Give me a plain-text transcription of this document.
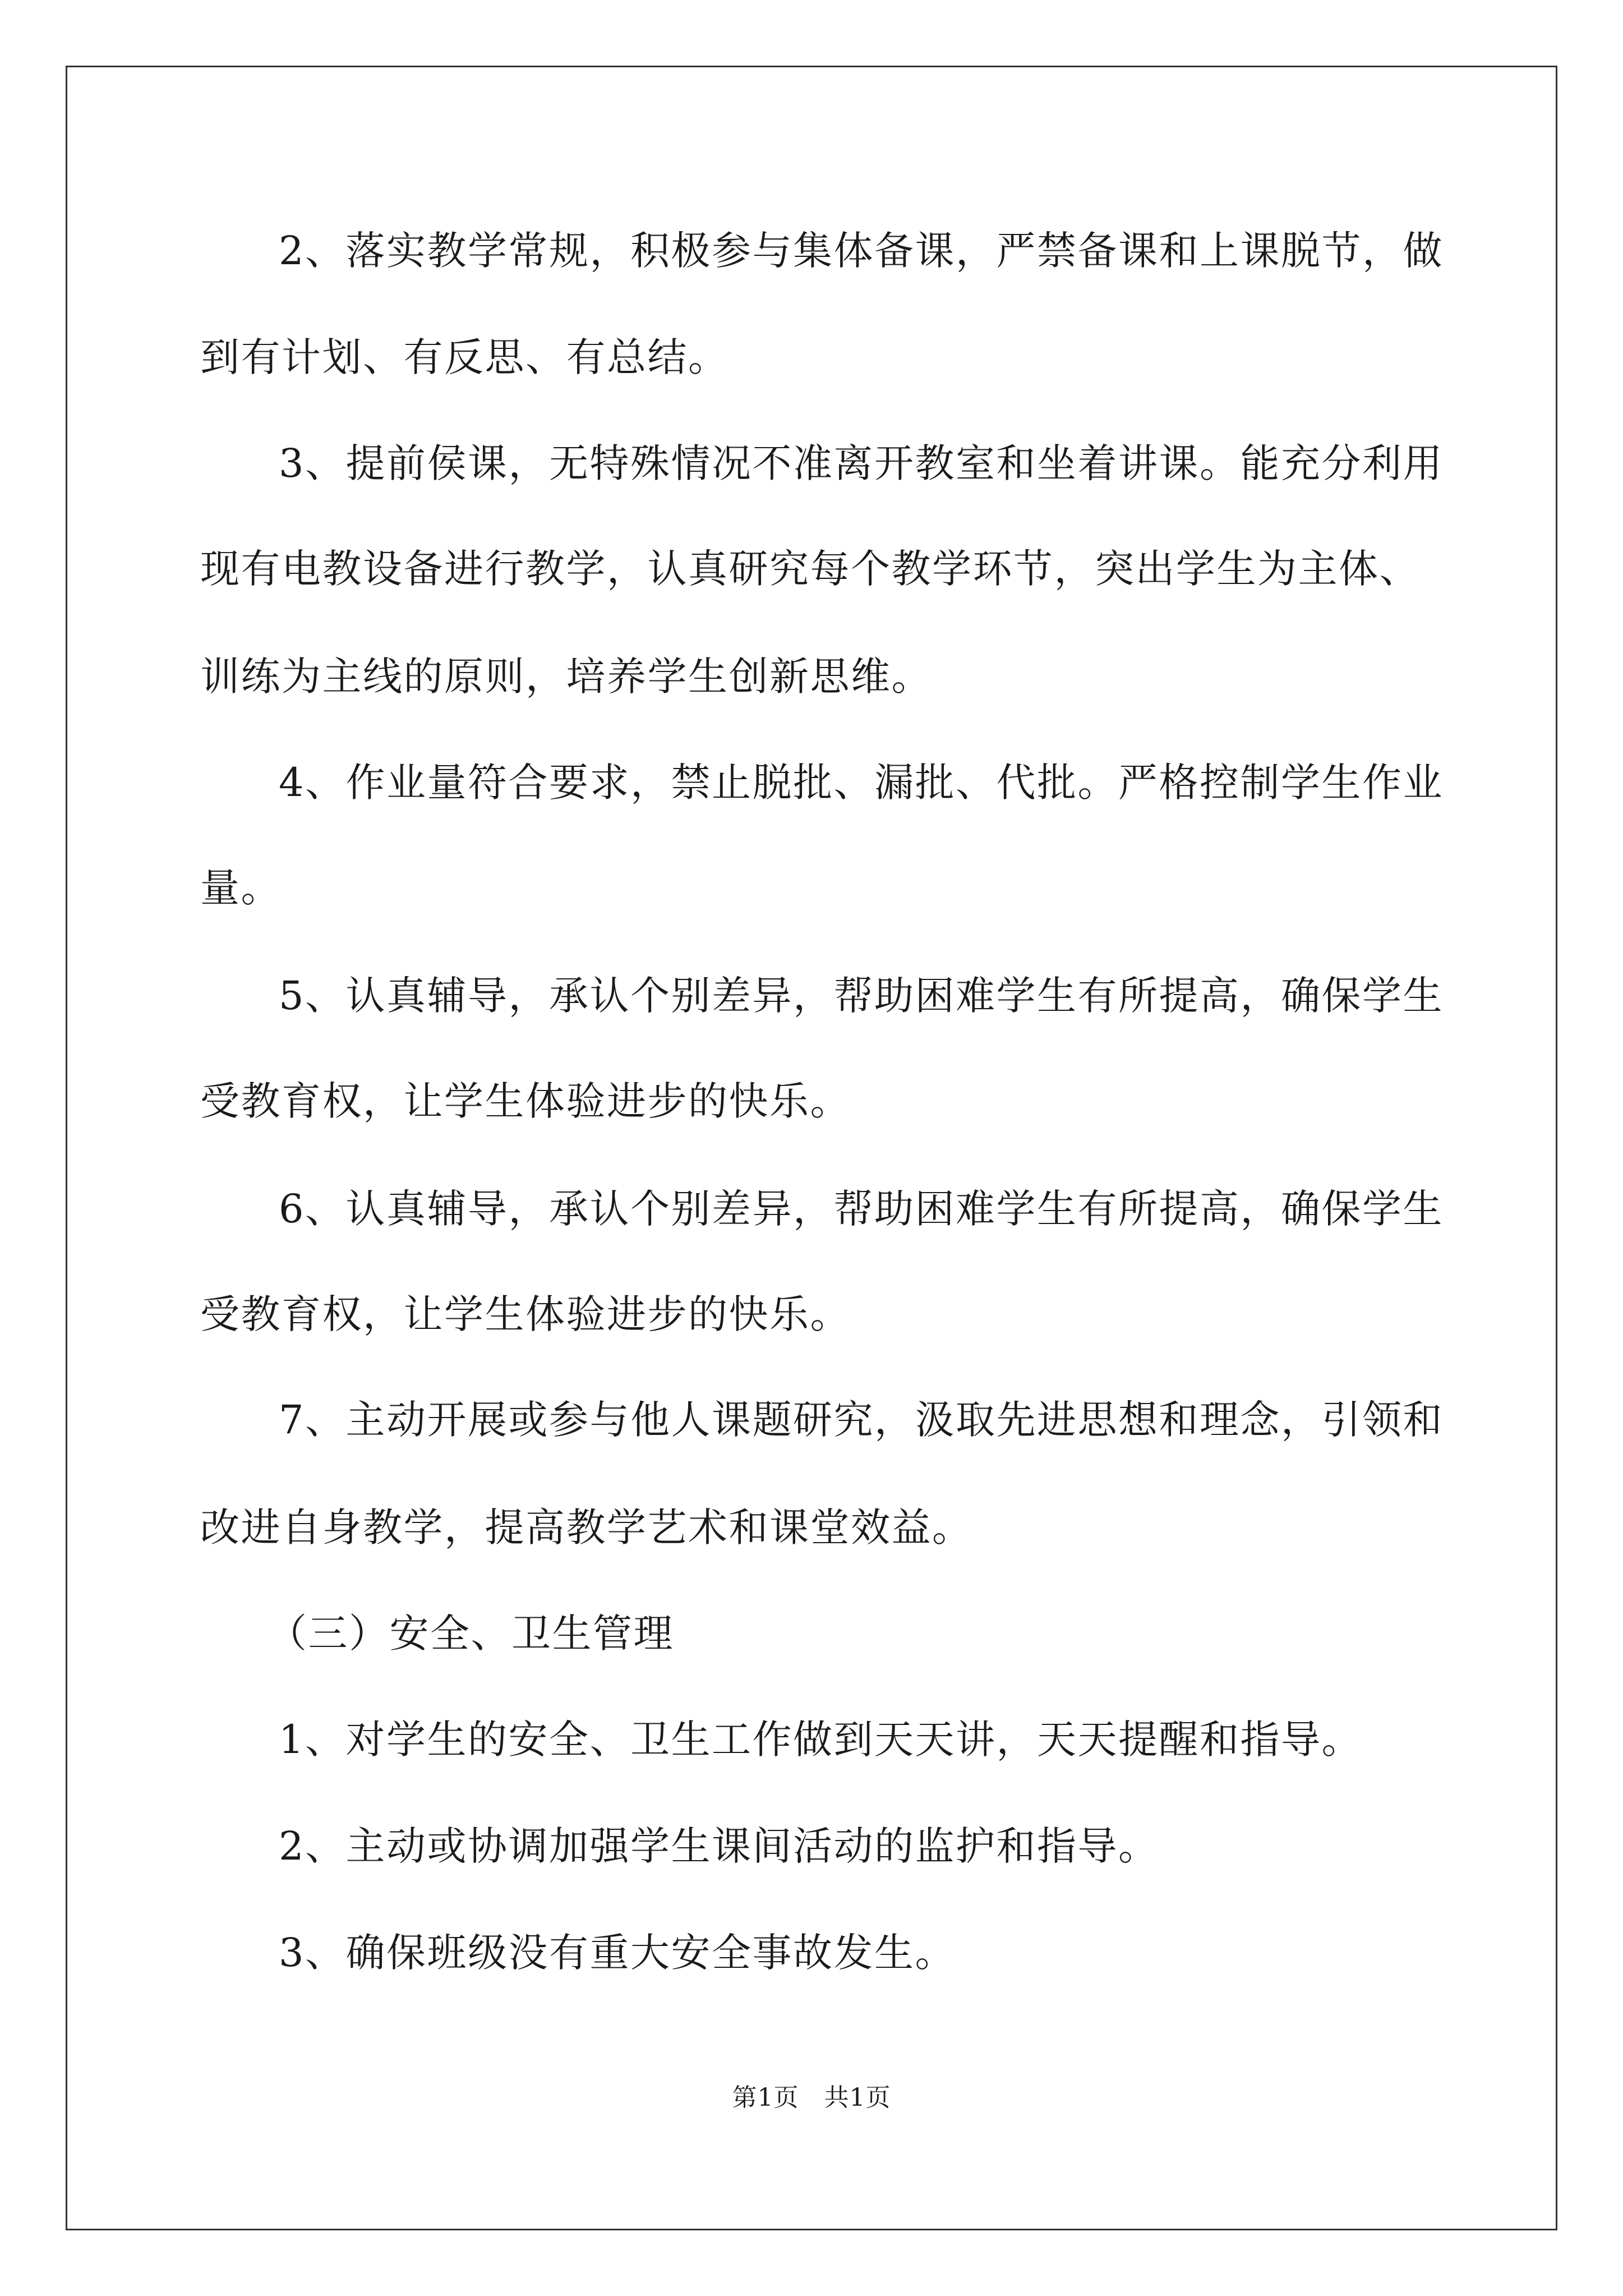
2、落实教学常规，积极参与集体备课，严禁备课和上课脱节，做
到有计划、有反思、有总结。
3、提前侯课，无特殊情况不准离开教室和坐着讲课。能充分利用
现有电教设备进行教学，认真研究每个教学环节，突出学生为主体、
训练为主线的原则，培养学生创新思维。
4、作业量符合要求，禁止脱批、漏批、代批。严格控制学生作业
量。
5、认真辅导，承认个别差异，帮助困难学生有所提高，确保学生
受教育权，让学生体验进步的快乐。
6、认真辅导，承认个别差异，帮助困难学生有所提高，确保学生
受教育权，让学生体验进步的快乐。
7、主动开展或参与他人课题研究，汲取先进思想和理念，引领和
改进自身教学，提高教学艺术和课堂效益。
（三）安全、卫生管理
1、对学生的安全、卫生工作做到天天讲，天天提醒和指导。
2、主动或协调加强学生课间活动的监护和指导。
3、确保班级没有重大安全事故发生。
第1页　共1页
